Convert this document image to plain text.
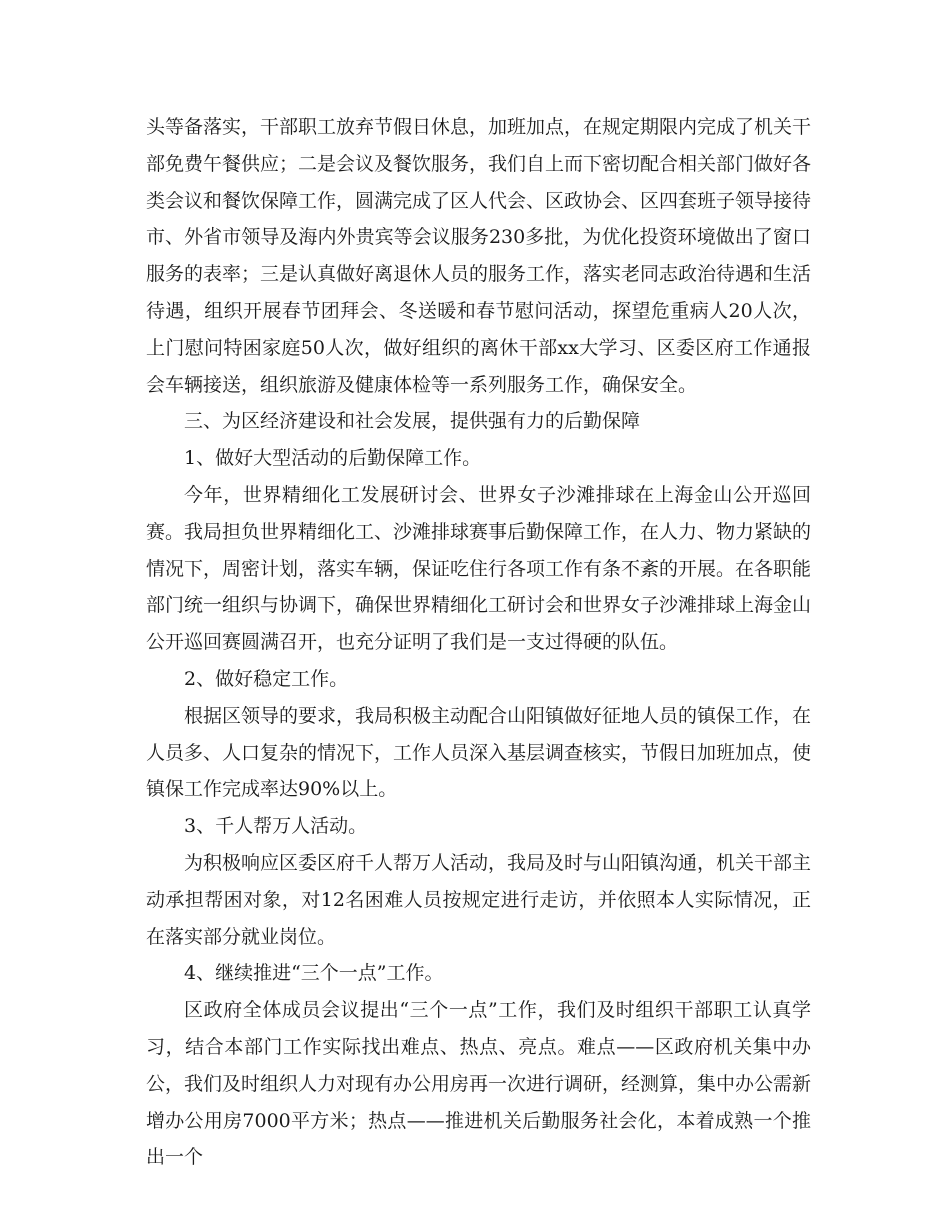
头等备落实，干部职工放弃节假日休息，加班加点，在规定期限内完成了机关干部免费午餐供应；二是会议及餐饮服务，我们自上而下密切配合相关部门做好各类会议和餐饮保障工作，圆满完成了区人代会、区政协会、区四套班子领导接待市、外省市领导及海内外贵宾等会议服务230多批，为优化投资环境做出了窗口服务的表率；三是认真做好离退休人员的服务工作，落实老同志政治待遇和生活待遇，组织开展春节团拜会、冬送暖和春节慰问活动，探望危重病人20人次，上门慰问特困家庭50人次，做好组织的离休干部xx大学习、区委区府工作通报会车辆接送，组织旅游及健康体检等一系列服务工作，确保安全。

三、为区经济建设和社会发展，提供强有力的后勤保障

1、做好大型活动的后勤保障工作。

今年，世界精细化工发展研讨会、世界女子沙滩排球在上海金山公开巡回赛。我局担负世界精细化工、沙滩排球赛事后勤保障工作，在人力、物力紧缺的情况下，周密计划，落实车辆，保证吃住行各项工作有条不紊的开展。在各职能部门统一组织与协调下，确保世界精细化工研讨会和世界女子沙滩排球上海金山公开巡回赛圆满召开，也充分证明了我们是一支过得硬的队伍。

2、做好稳定工作。

根据区领导的要求，我局积极主动配合山阳镇做好征地人员的镇保工作，在人员多、人口复杂的情况下，工作人员深入基层调查核实，节假日加班加点，使镇保工作完成率达90%以上。

3、千人帮万人活动。

为积极响应区委区府千人帮万人活动，我局及时与山阳镇沟通，机关干部主动承担帮困对象，对12名困难人员按规定进行走访，并依照本人实际情况，正在落实部分就业岗位。

4、继续推进“三个一点”工作。

区政府全体成员会议提出“三个一点”工作，我们及时组织干部职工认真学习，结合本部门工作实际找出难点、热点、亮点。难点——区政府机关集中办公，我们及时组织人力对现有办公用房再一次进行调研，经测算，集中办公需新增办公用房7000平方米；热点——推进机关后勤服务社会化，本着成熟一个推出一个
